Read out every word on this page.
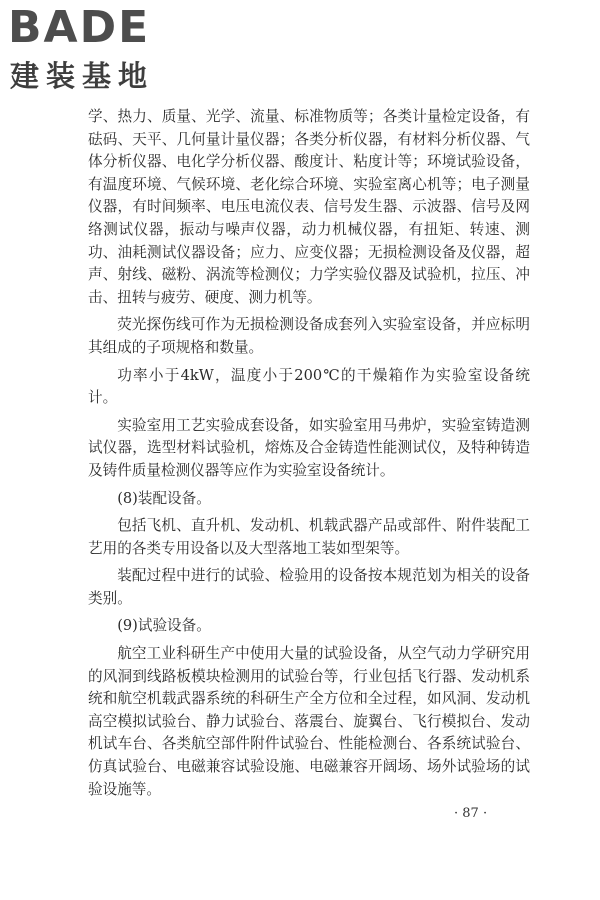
BADE
建装基地

学、热力、质量、光学、流量、标准物质等；各类计量检定设备，有砝码、天平、几何量计量仪器；各类分析仪器，有材料分析仪器、气体分析仪器、电化学分析仪器、酸度计、粘度计等；环境试验设备，有温度环境、气候环境、老化综合环境、实验室离心机等；电子测量仪器，有时间频率、电压电流仪表、信号发生器、示波器、信号及网络测试仪器，振动与噪声仪器，动力机械仪器，有扭矩、转速、测功、油耗测试仪器设备；应力、应变仪器；无损检测设备及仪器，超声、射线、磁粉、涡流等检测仪；力学实验仪器及试验机，拉压、冲击、扭转与疲劳、硬度、测力机等。

荧光探伤线可作为无损检测设备成套列入实验室设备，并应标明其组成的子项规格和数量。

功率小于4kW，温度小于200℃的干燥箱作为实验室设备统计。

实验室用工艺实验成套设备，如实验室用马弗炉，实验室铸造测试仪器，选型材料试验机，熔炼及合金铸造性能测试仪，及特种铸造及铸件质量检测仪器等应作为实验室设备统计。

(8)装配设备。

包括飞机、直升机、发动机、机载武器产品或部件、附件装配工艺用的各类专用设备以及大型落地工装如型架等。

装配过程中进行的试验、检验用的设备按本规范划为相关的设备类别。

(9)试验设备。

航空工业科研生产中使用大量的试验设备，从空气动力学研究用的风洞到线路板模块检测用的试验台等，行业包括飞行器、发动机系统和航空机载武器系统的科研生产全方位和全过程，如风洞、发动机高空模拟试验台、静力试验台、落震台、旋翼台、飞行模拟台、发动机试车台、各类航空部件附件试验台、性能检测台、各系统试验台、仿真试验台、电磁兼容试验设施、电磁兼容开阔场、场外试验场的试验设施等。

· 87 ·
